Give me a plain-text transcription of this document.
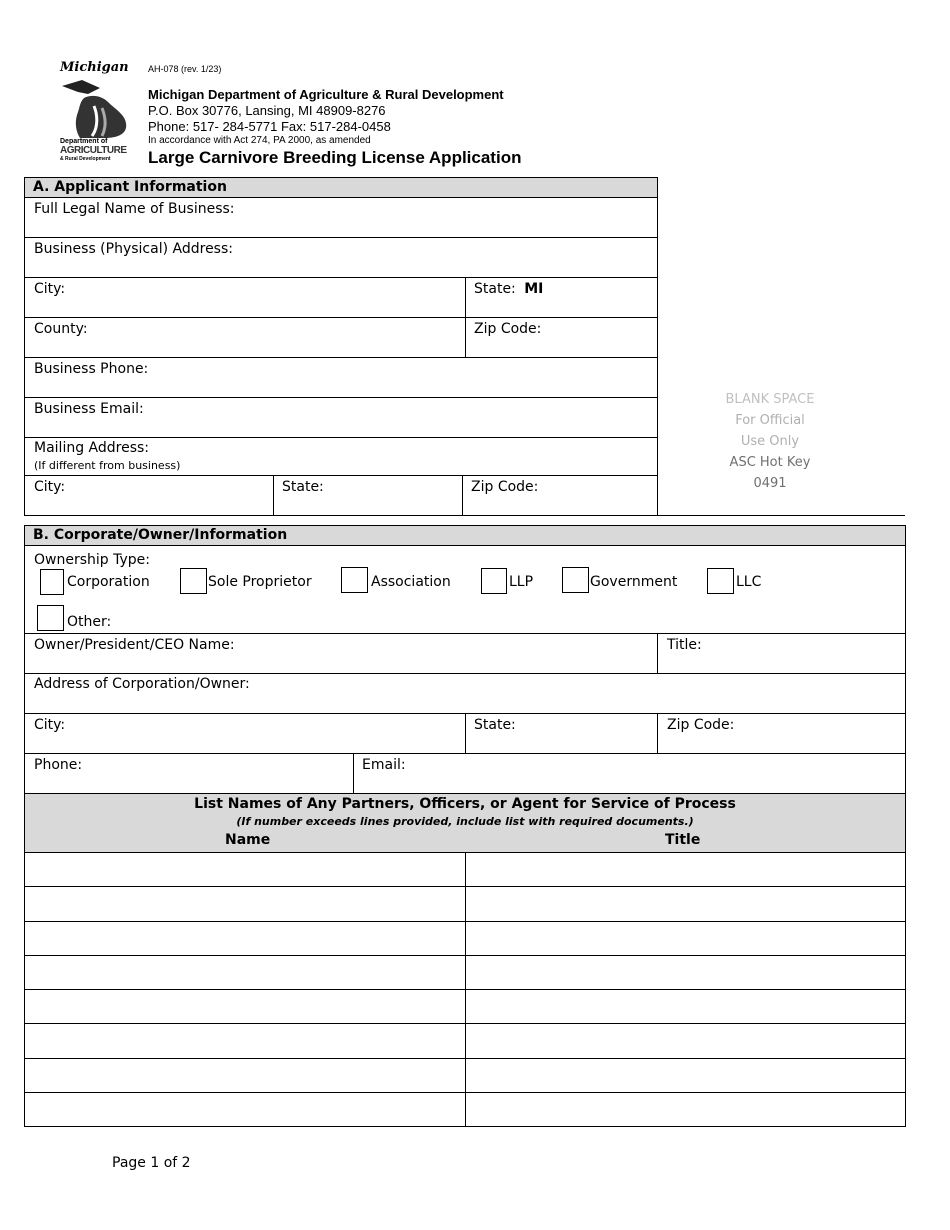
Michigan
Department of
AGRICULTURE
& Rural Development
AH-078 (rev. 1/23)
Michigan Department of Agriculture & Rural Development
P.O. Box 30776, Lansing, MI 48909-8276
Phone: 517- 284-5771 Fax: 517-284-0458
In accordance with Act 274, PA 2000, as amended
Large Carnivore Breeding License Application
A. Applicant Information
Full Legal Name of Business:
Business (Physical) Address:
City:	State: MI
County:	Zip Code:
Business Phone:
Business Email:
Mailing Address:
(If different from business)
City:	State:	Zip Code:
BLANK SPACE
For Official
Use Only
ASC Hot Key
0491
B. Corporate/Owner/Information
Ownership Type:
Corporation	Sole Proprietor	Association	LLP	Government	LLC
Other:
Owner/President/CEO Name:	Title:
Address of Corporation/Owner:
City:	State:	Zip Code:
Phone:	Email:
List Names of Any Partners, Officers, or Agent for Service of Process
(If number exceeds lines provided, include list with required documents.)
Name	Title
Page 1 of 2
